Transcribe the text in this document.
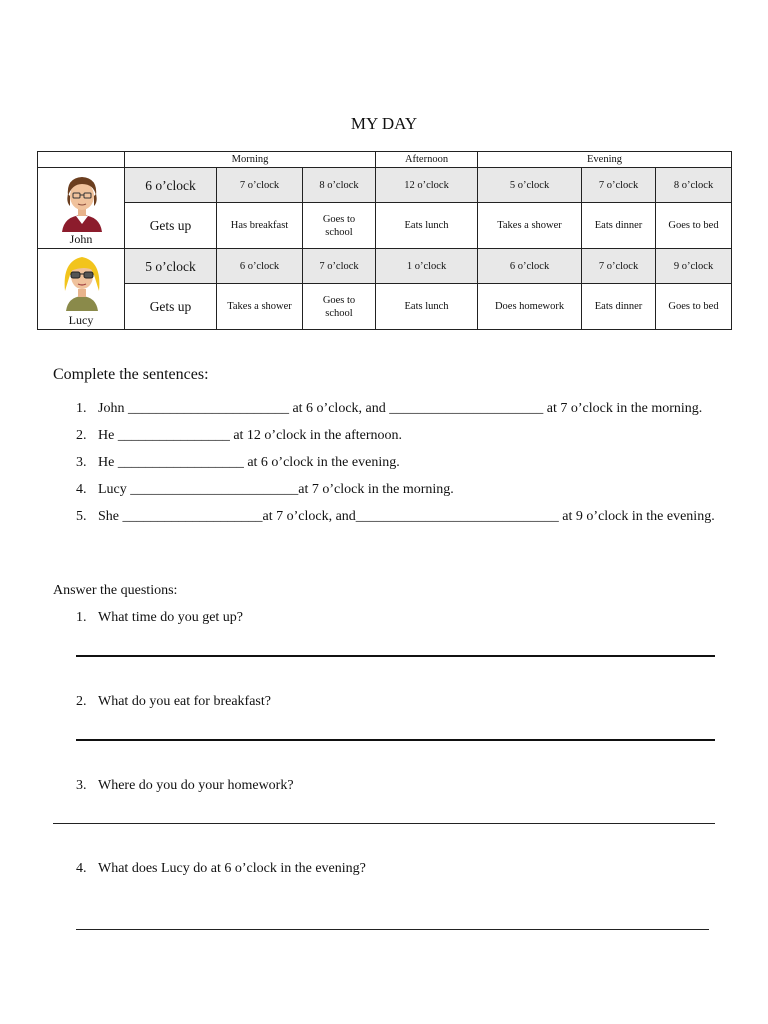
MY DAY
	Morning			Afternoon	Evening		

John	6 o’clock	7 o’clock	8 o’clock	12 o’clock	5 o’clock	7 o’clock	8 o’clock
	Gets up	Has breakfast	Goes to school	Eats lunch	Takes a shower	Eats dinner	Goes to bed

Lucy	5 o’clock	6 o’clock	7 o’clock	1 o’clock	6 o’clock	7 o’clock	9 o’clock
	Gets up	Takes a shower	Goes to school	Eats lunch	Does homework	Eats dinner	Goes to bed
Complete the sentences:
1. John _______________________ at 6 o’clock, and ______________________ at 7 o’clock in the morning.
2. He ________________ at 12 o’clock in the afternoon.
3. He __________________ at 6 o’clock in the evening.
4. Lucy ________________________at 7 o’clock in the morning.
5. She ____________________at 7 o’clock, and_____________________________ at 9 o’clock in the evening.
Answer the questions:
1. What time do you get up?
2. What do you eat for breakfast?
3. Where do you do your homework?
4. What does Lucy do at 6 o’clock in the evening?
